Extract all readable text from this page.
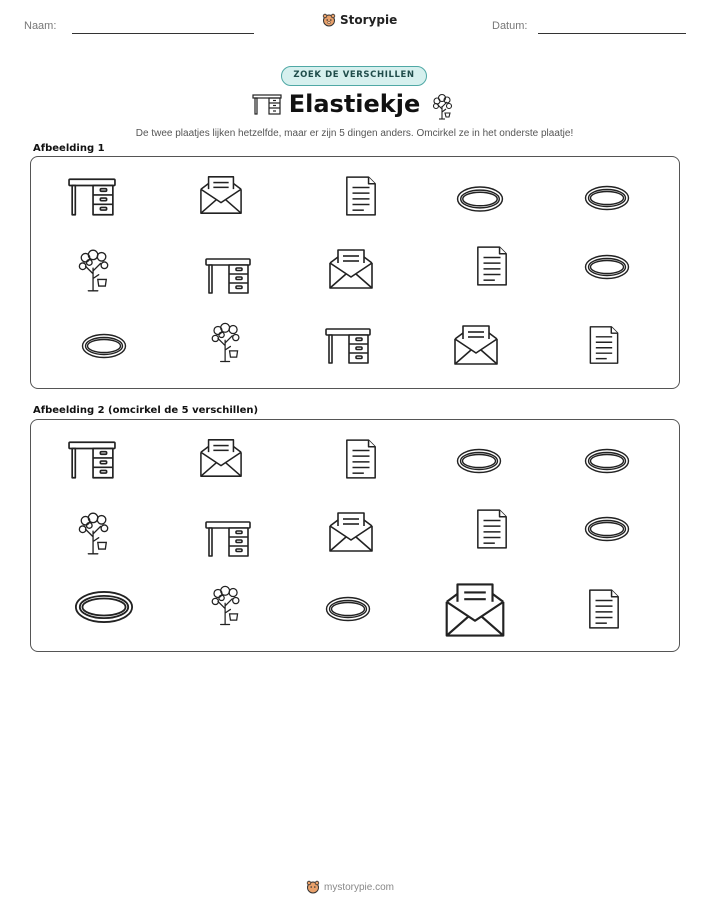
Naam:	Storypie	Datum:
ZOEK DE VERSCHILLEN
Elastiekje
De twee plaatjes lijken hetzelfde, maar er zijn 5 dingen anders. Omcirkel ze in het onderste plaatje!
Afbeelding 1
Afbeelding 2 (omcirkel de 5 verschillen)
mystorypie.com
